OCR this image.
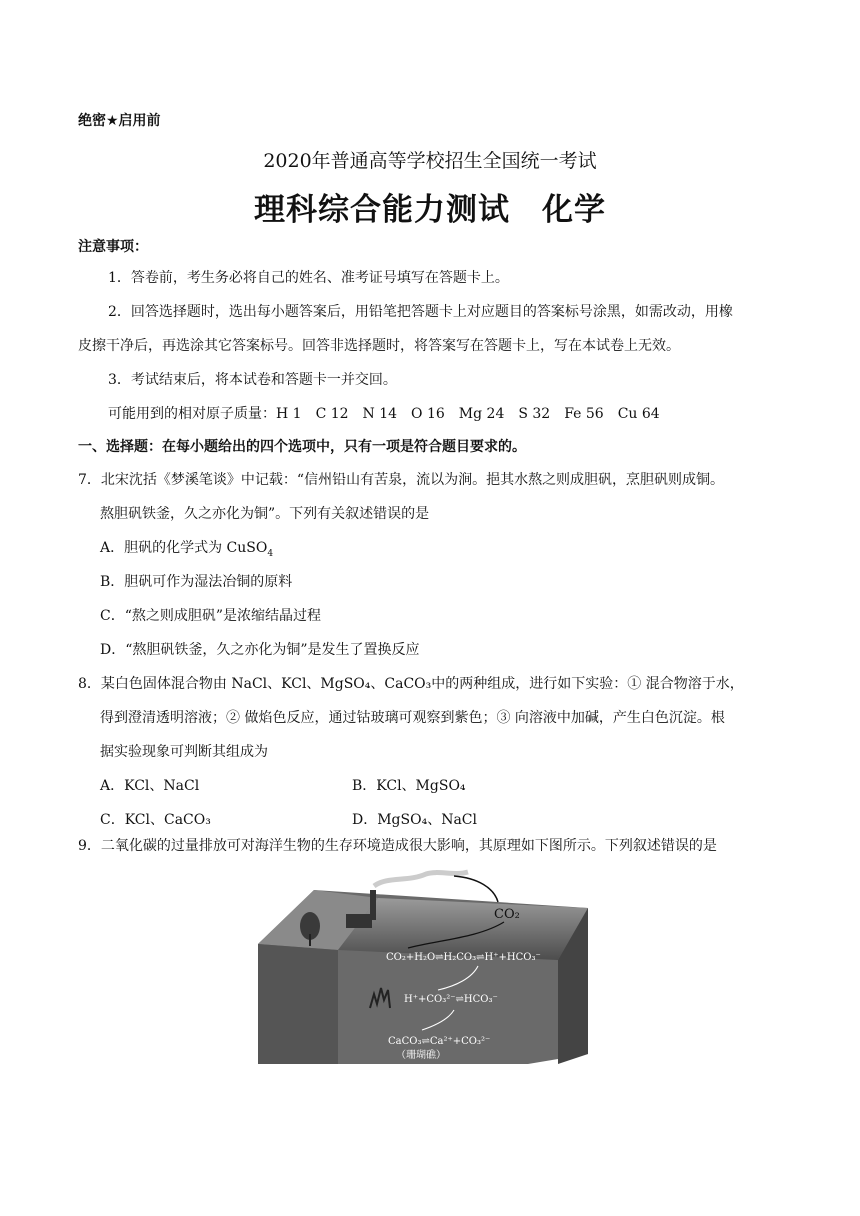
绝密★启用前
2020年普通高等学校招生全国统一考试
理科综合能力测试　化学
注意事项：
1．答卷前，考生务必将自己的姓名、准考证号填写在答题卡上。
2．回答选择题时，选出每小题答案后，用铅笔把答题卡上对应题目的答案标号涂黑，如需改动，用橡
皮擦干净后，再选涂其它答案标号。回答非选择题时，将答案写在答题卡上，写在本试卷上无效。
3．考试结束后，将本试卷和答题卡一并交回。
可能用到的相对原子质量：H 1　C 12　N 14　O 16　Mg 24　S 32　Fe 56　Cu 64
一、选择题：在每小题给出的四个选项中，只有一项是符合题目要求的。
7．北宋沈括《梦溪笔谈》中记载：“信州铅山有苦泉，流以为涧。挹其水熬之则成胆矾，烹胆矾则成铜。
熬胆矾铁釜，久之亦化为铜”。下列有关叙述错误的是
A．胆矾的化学式为 CuSO$_4$
B．胆矾可作为湿法冶铜的原料
C．“熬之则成胆矾”是浓缩结晶过程
D．“熬胆矾铁釜，久之亦化为铜”是发生了置换反应
8．某白色固体混合物由 NaCl、KCl、MgSO₄、CaCO₃中的两种组成，进行如下实验：① 混合物溶于水，
得到澄清透明溶液；② 做焰色反应，通过钴玻璃可观察到紫色；③ 向溶液中加碱，产生白色沉淀。根
据实验现象可判断其组成为
A．KCl、NaCl	B．KCl、MgSO₄
C．KCl、CaCO₃	D．MgSO₄、NaCl
9．二氧化碳的过量排放可对海洋生物的生存环境造成很大影响，其原理如下图所示。下列叙述错误的是
CO₂
CO₂+H₂O⇌H₂CO₃⇌H⁺+HCO₃⁻
H⁺+CO₃²⁻⇌HCO₃⁻
CaCO₃⇌Ca²⁺+CO₃²⁻
（珊瑚礁）
